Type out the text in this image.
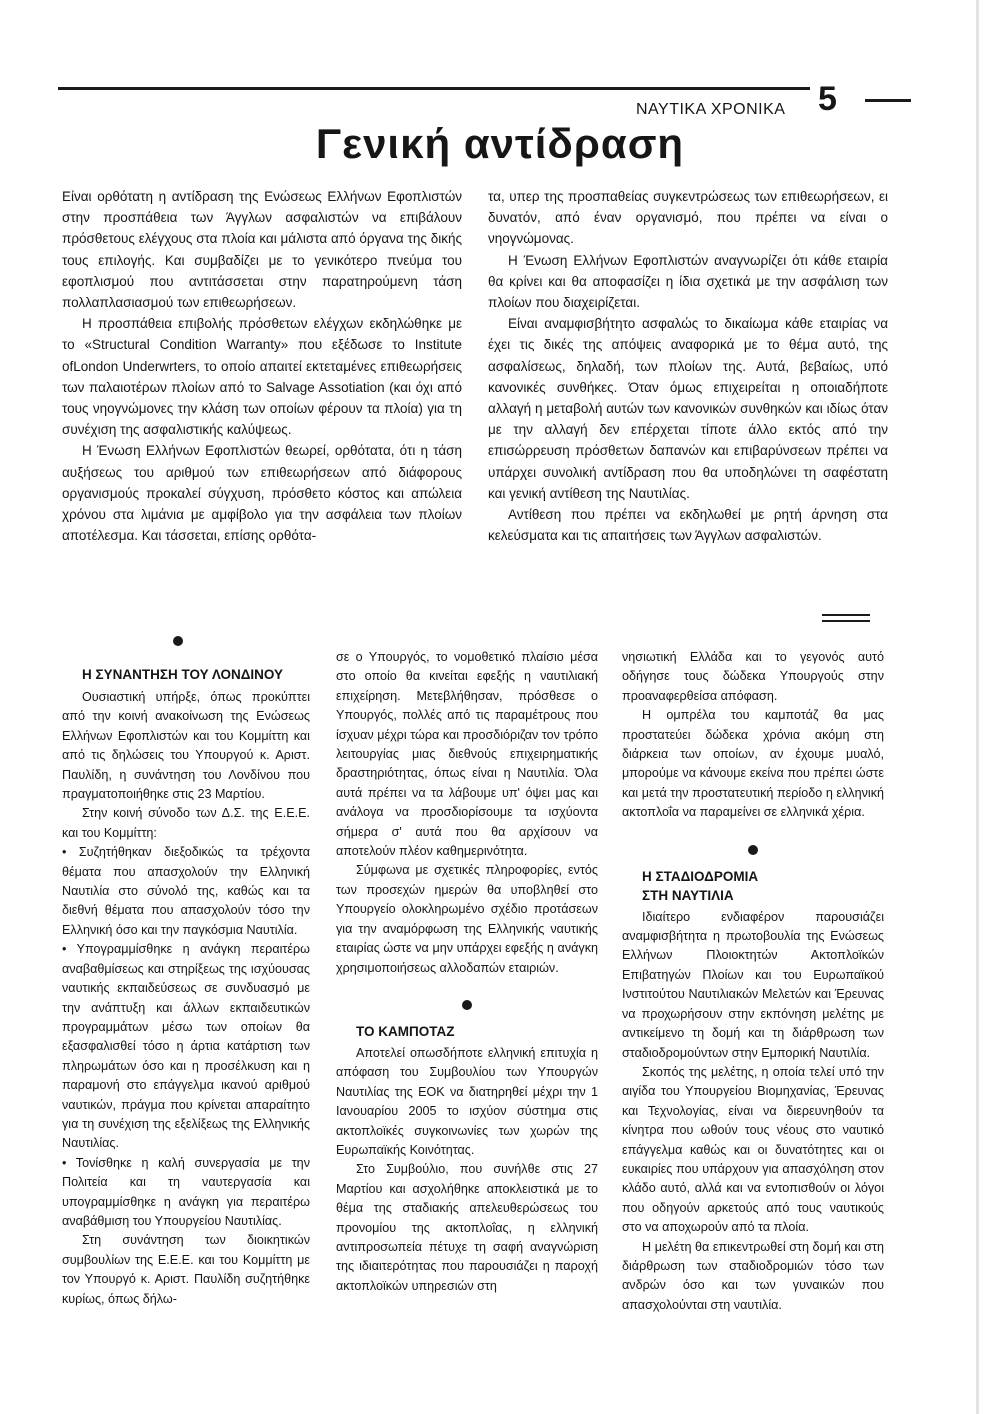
ΝΑΥΤΙΚΑ ΧΡΟΝΙΚΑ 5

Γενική αντίδραση

Είναι ορθότατη η αντίδραση της Ενώσεως Ελλήνων Εφοπλιστών στην προσπάθεια των Άγγλων ασφαλιστών να επιβάλουν πρόσθετους ελέγχους στα πλοία και μάλιστα από όργανα της δικής τους επιλογής. Και συμβαδίζει με το γενικότερο πνεύμα του εφοπλισμού που αντιτάσσεται στην παρατηρούμενη τάση πολλαπλασιασμού των επιθεωρήσεων.

Η προσπάθεια επιβολής πρόσθετων ελέγχων εκδηλώθηκε με το «Structural Condition Warranty» που εξέδωσε το Institute ofLondon Underwrters, το οποίο απαιτεί εκτεταμένες επιθεωρήσεις των παλαιοτέρων πλοίων από το Salvage Assotiation (και όχι από τους νηογνώμονες την κλάση των οποίων φέρουν τα πλοία) για τη συνέχιση της ασφαλιστικής καλύψεως.

Η Ένωση Ελλήνων Εφοπλιστών θεωρεί, ορθότατα, ότι η τάση αυξήσεως του αριθμού των επιθεωρήσεων από διάφορους οργανισμούς προκαλεί σύγχυση, πρόσθετο κόστος και απώλεια χρόνου στα λιμάνια με αμφίβολο για την ασφάλεια των πλοίων αποτέλεσμα. Και τάσσεται, επίσης ορθότα-

τα, υπερ της προσπαθείας συγκεντρώσεως των επιθεωρήσεων, ει δυνατόν, από έναν οργανισμό, που πρέπει να είναι ο νηογνώμονας.

Η Ένωση Ελλήνων Εφοπλιστών αναγνωρίζει ότι κάθε εταιρία θα κρίνει και θα αποφασίζει η ίδια σχετικά με την ασφάλιση των πλοίων που διαχειρίζεται.

Είναι αναμφισβήτητο ασφαλώς το δικαίωμα κάθε εταιρίας να έχει τις δικές της απόψεις αναφορικά με το θέμα αυτό, της ασφαλίσεως, δηλαδή, των πλοίων της. Αυτά, βεβαίως, υπό κανονικές συνθήκες. Όταν όμως επιχειρείται η οποιαδήποτε αλλαγή η μεταβολή αυτών των κανονικών συνθηκών και ιδίως όταν με την αλλαγή δεν επέρχεται τίποτε άλλο εκτός από την επισώρρευση πρόσθετων δαπανών και επιβαρύνσεων πρέπει να υπάρχει συνολική αντίδραση που θα υποδηλώνει τη σαφέστατη και γενική αντίθεση της Ναυτιλίας.

Αντίθεση που πρέπει να εκδηλωθεί με ρητή άρνηση στα κελεύσματα και τις απαιτήσεις των Άγγλων ασφαλιστών.

Η ΣΥΝΑΝΤΗΣΗ ΤΟΥ ΛΟΝΔΙΝΟΥ

Ουσιαστική υπήρξε, όπως προκύπτει από την κοινή ανακοίνωση της Ενώσεως Ελλήνων Εφοπλιστών και του Κομμίττη και από τις δηλώσεις του Υπουργού κ. Αριστ. Παυλίδη, η συνάντηση του Λονδίνου που πραγματοποιήθηκε στις 23 Μαρτίου.

Στην κοινή σύνοδο των Δ.Σ. της Ε.Ε.Ε. και του Κομμίττη:

• Συζητήθηκαν διεξοδικώς τα τρέχοντα θέματα που απασχολούν την Ελληνική Ναυτιλία στο σύνολό της, καθώς και τα διεθνή θέματα που απασχολούν τόσο την Ελληνική όσο και την παγκόσμια Ναυτιλία.

• Υπογραμμίσθηκε η ανάγκη περαιτέρω αναβαθμίσεως και στηρίξεως της ισχύουσας ναυτικής εκπαιδεύσεως σε συνδυασμό με την ανάπτυξη και άλλων εκπαιδευτικών προγραμμάτων μέσω των οποίων θα εξασφαλισθεί τόσο η άρτια κατάρτιση των πληρωμάτων όσο και η προσέλκυση και η παραμονή στο επάγγελμα ικανού αριθμού ναυτικών, πράγμα που κρίνεται απαραίτητο για τη συνέχιση της εξελίξεως της Ελληνικής Ναυτιλίας.

• Τονίσθηκε η καλή συνεργασία με την Πολιτεία και τη ναυτεργασία και υπογραμμίσθηκε η ανάγκη για περαιτέρω αναβάθμιση του Υπουργείου Ναυτιλίας.

Στη συνάντηση των διοικητικών συμβουλίων της Ε.Ε.Ε. και του Κομμίττη με τον Υπουργό κ. Αριστ. Παυλίδη συζητήθηκε κυρίως, όπως δήλω-

σε ο Υπουργός, το νομοθετικό πλαίσιο μέσα στο οποίο θα κινείται εφεξής η ναυτιλιακή επιχείρηση. Μετεβλήθησαν, πρόσθεσε ο Υπουργός, πολλές από τις παραμέτρους που ίσχυαν μέχρι τώρα και προσδιόριζαν τον τρόπο λειτουργίας μιας διεθνούς επιχειρηματικής δραστηριότητας, όπως είναι η Ναυτιλία. Όλα αυτά πρέπει να τα λάβουμε υπ' όψει μας και ανάλογα να προσδιορίσουμε τα ισχύοντα σήμερα σ' αυτά που θα αρχίσουν να αποτελούν πλέον καθημερινότητα.

Σύμφωνα με σχετικές πληροφορίες, εντός των προσεχών ημερών θα υποβληθεί στο Υπουργείο ολοκληρωμένο σχέδιο προτάσεων για την αναμόρφωση της Ελληνικής ναυτικής εταιρίας ώστε να μην υπάρχει εφεξής η ανάγκη χρησιμοποιήσεως αλλοδαπών εταιριών.

ΤΟ ΚΑΜΠΟΤΑΖ

Αποτελεί οπωσδήποτε ελληνική επιτυχία η απόφαση του Συμβουλίου των Υπουργών Ναυτιλίας της ΕΟΚ να διατηρηθεί μέχρι την 1 Ιανουαρίου 2005 το ισχύον σύστημα στις ακτοπλοϊκές συγκοινωνίες των χωρών της Ευρωπαϊκής Κοινότητας.

Στο Συμβούλιο, που συνήλθε στις 27 Μαρτίου και ασχολήθηκε αποκλειστικά με το θέμα της σταδιακής απελευθερώσεως του προνομίου της ακτοπλοΐας, η ελληνική αντιπροσωπεία πέτυχε τη σαφή αναγνώριση της ιδιαιτερότητας που παρουσιάζει η παροχή ακτοπλοϊκών υπηρεσιών στη

νησιωτική Ελλάδα και το γεγονός αυτό οδήγησε τους δώδεκα Υπουργούς στην προαναφερθείσα απόφαση.

Η ομπρέλα του καμποτάζ θα μας προστατεύει δώδεκα χρόνια ακόμη στη διάρκεια των οποίων, αν έχουμε μυαλό, μπορούμε να κάνουμε εκείνα που πρέπει ώστε και μετά την προστατευτική περίοδο η ελληνική ακτοπλοΐα να παραμείνει σε ελληνικά χέρια.

Η ΣΤΑΔΙΟΔΡΟΜΙΑ

ΣΤΗ ΝΑΥΤΙΛΙΑ

Ιδιαίτερο ενδιαφέρον παρουσιάζει αναμφισβήτητα η πρωτοβουλία της Ενώσεως Ελλήνων Πλοιοκτητών Ακτοπλοϊκών Επιβατηγών Πλοίων και του Ευρωπαϊκού Ινστιτούτου Ναυτιλιακών Μελετών και Έρευνας να προχωρήσουν στην εκπόνηση μελέτης με αντικείμενο τη δομή και τη διάρθρωση των σταδιοδρομούντων στην Εμπορική Ναυτιλία.

Σκοπός της μελέτης, η οποία τελεί υπό την αιγίδα του Υπουργείου Βιομηχανίας, Έρευνας και Τεχνολογίας, είναι να διερευνηθούν τα κίνητρα που ωθούν τους νέους στο ναυτικό επάγγελμα καθώς και οι δυνατότητες και οι ευκαιρίες που υπάρχουν για απασχόληση στον κλάδο αυτό, αλλά και να εντοπισθούν οι λόγοι που οδηγούν αρκετούς από τους ναυτικούς στο να αποχωρούν από τα πλοία.

Η μελέτη θα επικεντρωθεί στη δομή και στη διάρθρωση των σταδιοδρομιών τόσο των ανδρών όσο και των γυναικών που απασχολούνται στη ναυτιλία.
